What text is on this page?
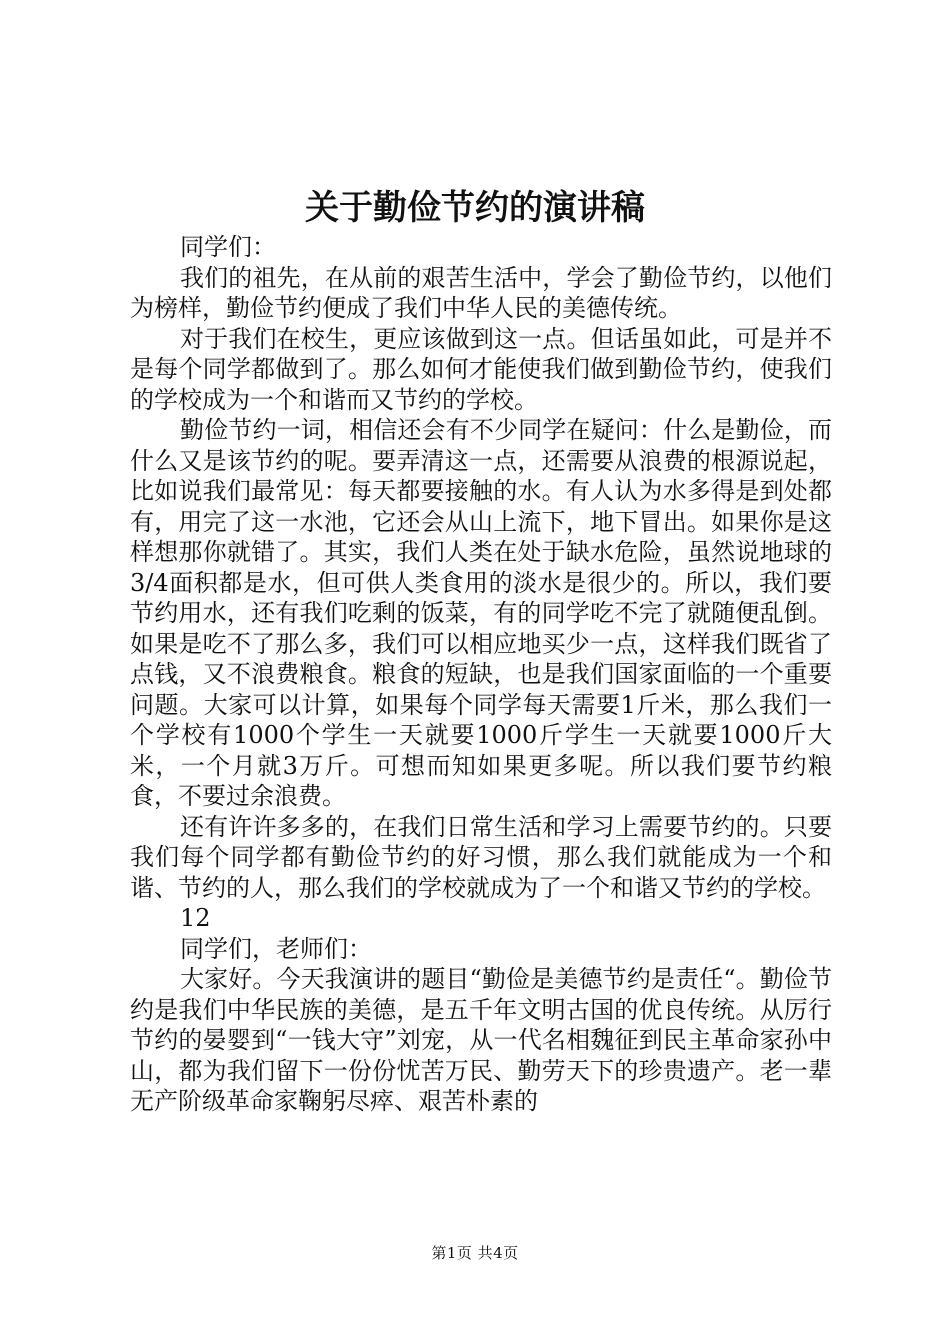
关于勤俭节约的演讲稿

同学们：

我们的祖先，在从前的艰苦生活中，学会了勤俭节约，以他们为榜样，勤俭节约便成了我们中华人民的美德传统。

对于我们在校生，更应该做到这一点。但话虽如此，可是并不是每个同学都做到了。那么如何才能使我们做到勤俭节约，使我们的学校成为一个和谐而又节约的学校。

勤俭节约一词，相信还会有不少同学在疑问：什么是勤俭，而什么又是该节约的呢。要弄清这一点，还需要从浪费的根源说起，比如说我们最常见：每天都要接触的水。有人认为水多得是到处都有，用完了这一水池，它还会从山上流下，地下冒出。如果你是这样想那你就错了。其实，我们人类在处于缺水危险，虽然说地球的3/4面积都是水，但可供人类食用的淡水是很少的。所以，我们要节约用水，还有我们吃剩的饭菜，有的同学吃不完了就随便乱倒。如果是吃不了那么多，我们可以相应地买少一点，这样我们既省了点钱，又不浪费粮食。粮食的短缺，也是我们国家面临的一个重要问题。大家可以计算，如果每个同学每天需要1斤米，那么我们一个学校有1000个学生一天就要1000斤学生一天就要1000斤大米，一个月就3万斤。可想而知如果更多呢。所以我们要节约粮食，不要过余浪费。

还有许许多多的，在我们日常生活和学习上需要节约的。只要我们每个同学都有勤俭节约的好习惯，那么我们就能成为一个和谐、节约的人，那么我们的学校就成为了一个和谐又节约的学校。

12

同学们，老师们：

大家好。今天我演讲的题目“勤俭是美德节约是责任“。勤俭节约是我们中华民族的美德，是五千年文明古国的优良传统。从厉行节约的晏婴到“一钱大守”刘宠，从一代名相魏征到民主革命家孙中山，都为我们留下一份份忧苦万民、勤劳天下的珍贵遗产。老一辈无产阶级革命家鞠躬尽瘁、艰苦朴素的

第1页 共4页
